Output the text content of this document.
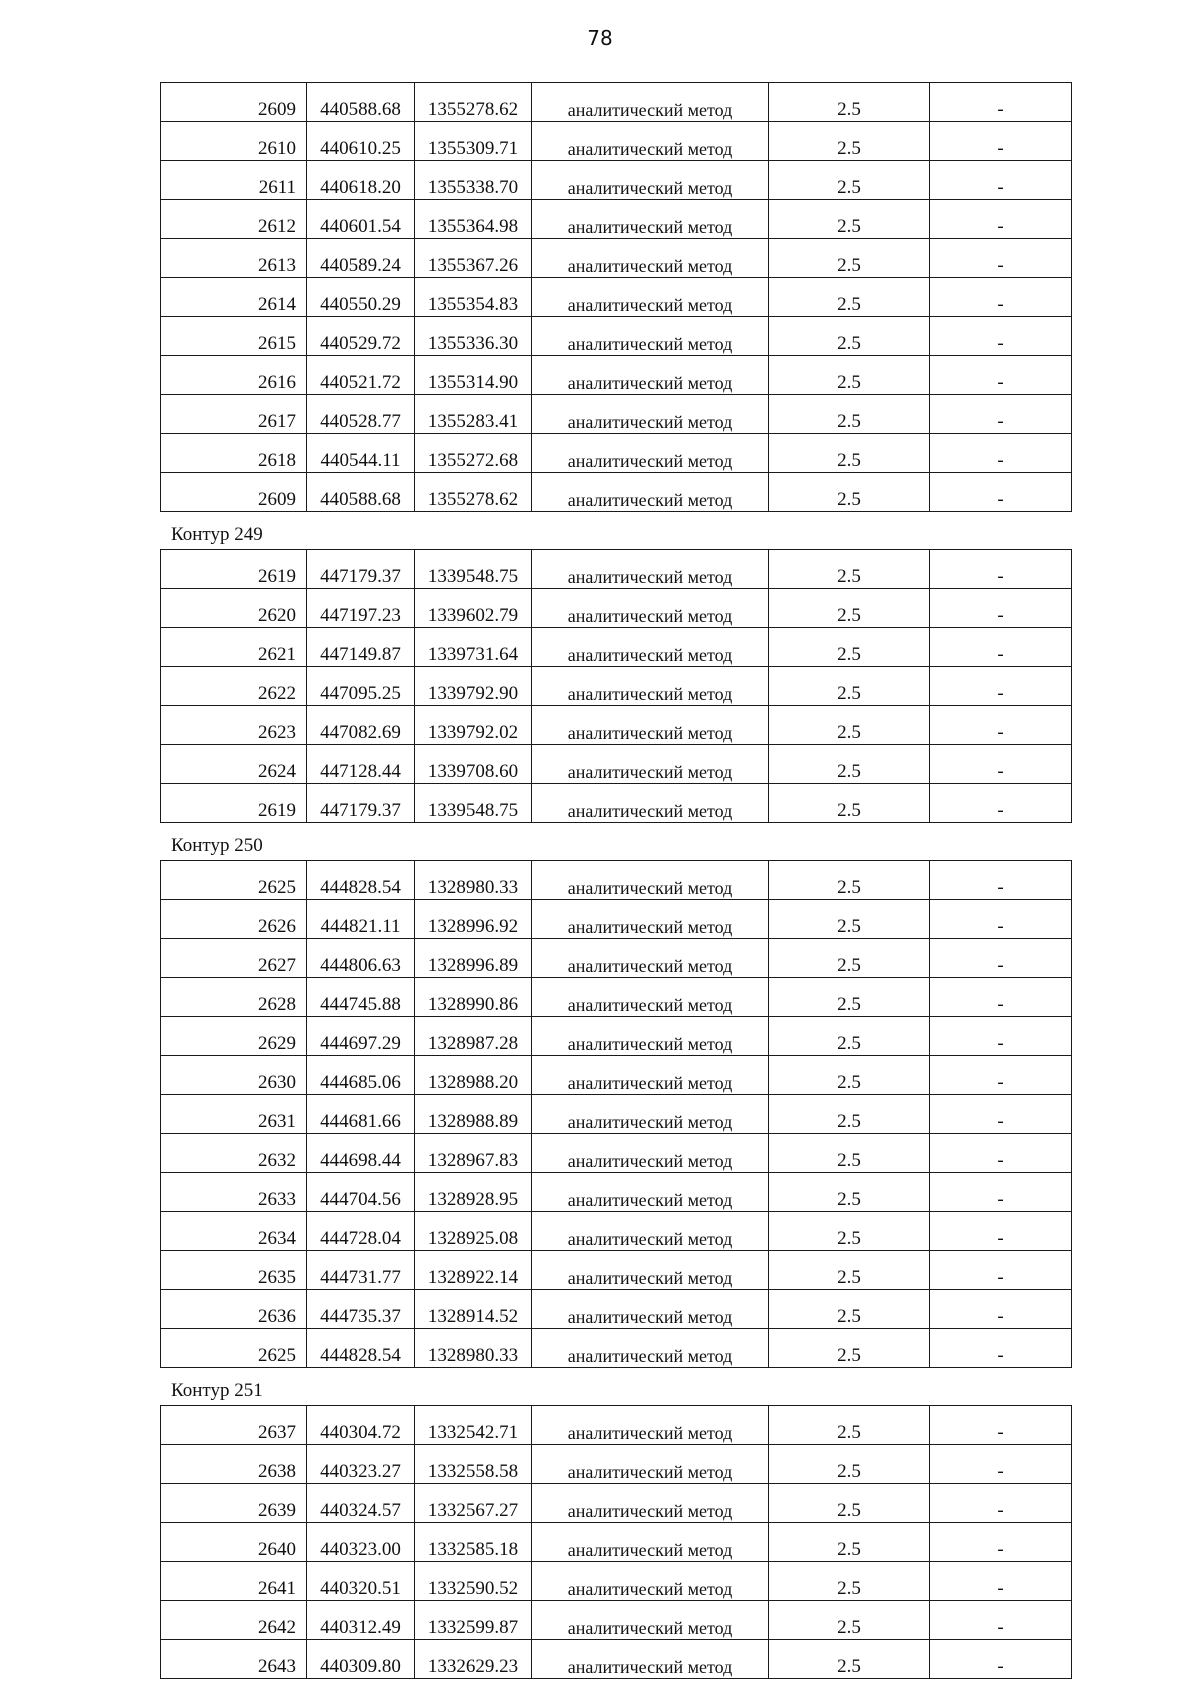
78
2609	440588.68	1355278.62	аналитический метод	2.5	-
2610	440610.25	1355309.71	аналитический метод	2.5	-
2611	440618.20	1355338.70	аналитический метод	2.5	-
2612	440601.54	1355364.98	аналитический метод	2.5	-
2613	440589.24	1355367.26	аналитический метод	2.5	-
2614	440550.29	1355354.83	аналитический метод	2.5	-
2615	440529.72	1355336.30	аналитический метод	2.5	-
2616	440521.72	1355314.90	аналитический метод	2.5	-
2617	440528.77	1355283.41	аналитический метод	2.5	-
2618	440544.11	1355272.68	аналитический метод	2.5	-
2609	440588.68	1355278.62	аналитический метод	2.5	-
Контур 249
2619	447179.37	1339548.75	аналитический метод	2.5	-
2620	447197.23	1339602.79	аналитический метод	2.5	-
2621	447149.87	1339731.64	аналитический метод	2.5	-
2622	447095.25	1339792.90	аналитический метод	2.5	-
2623	447082.69	1339792.02	аналитический метод	2.5	-
2624	447128.44	1339708.60	аналитический метод	2.5	-
2619	447179.37	1339548.75	аналитический метод	2.5	-
Контур 250
2625	444828.54	1328980.33	аналитический метод	2.5	-
2626	444821.11	1328996.92	аналитический метод	2.5	-
2627	444806.63	1328996.89	аналитический метод	2.5	-
2628	444745.88	1328990.86	аналитический метод	2.5	-
2629	444697.29	1328987.28	аналитический метод	2.5	-
2630	444685.06	1328988.20	аналитический метод	2.5	-
2631	444681.66	1328988.89	аналитический метод	2.5	-
2632	444698.44	1328967.83	аналитический метод	2.5	-
2633	444704.56	1328928.95	аналитический метод	2.5	-
2634	444728.04	1328925.08	аналитический метод	2.5	-
2635	444731.77	1328922.14	аналитический метод	2.5	-
2636	444735.37	1328914.52	аналитический метод	2.5	-
2625	444828.54	1328980.33	аналитический метод	2.5	-
Контур 251
2637	440304.72	1332542.71	аналитический метод	2.5	-
2638	440323.27	1332558.58	аналитический метод	2.5	-
2639	440324.57	1332567.27	аналитический метод	2.5	-
2640	440323.00	1332585.18	аналитический метод	2.5	-
2641	440320.51	1332590.52	аналитический метод	2.5	-
2642	440312.49	1332599.87	аналитический метод	2.5	-
2643	440309.80	1332629.23	аналитический метод	2.5	-
